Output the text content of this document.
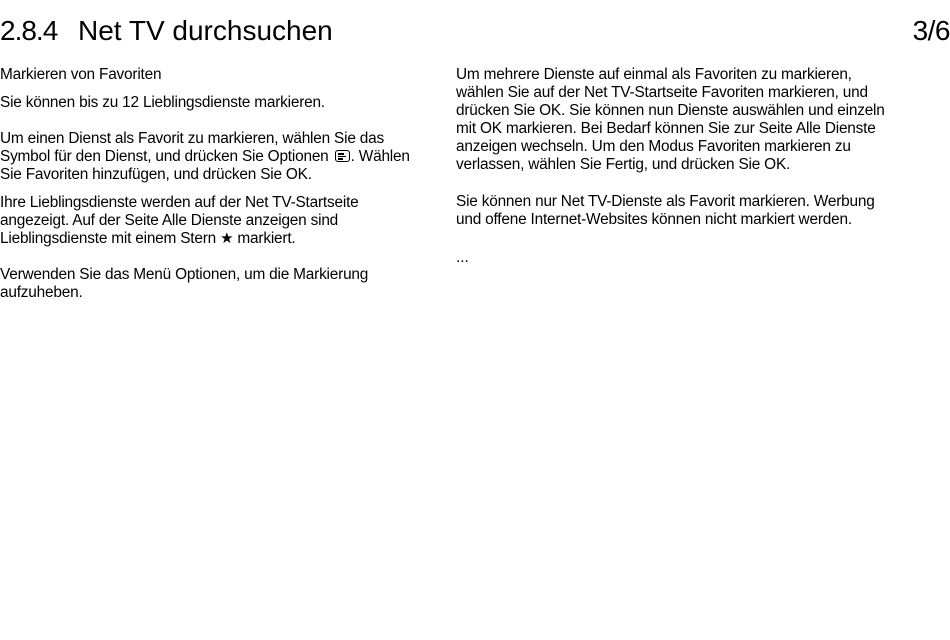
2.8.4 Net TV durchsuchen	3/6

Markieren von Favoriten

Sie können bis zu 12 Lieblingsdienste markieren.

Um einen Dienst als Favorit zu markieren, wählen Sie das Symbol für den Dienst, und drücken Sie Optionen
. Wählen Sie Favoriten hinzufügen, und drücken Sie OK.

Ihre Lieblingsdienste werden auf der Net TV-Startseite angezeigt. Auf der Seite Alle Dienste anzeigen sind Lieblingsdienste mit einem Stern ★ markiert.

Verwenden Sie das Menü Optionen, um die Markierung aufzuheben.

Um mehrere Dienste auf einmal als Favoriten zu markieren, wählen Sie auf der Net TV-Startseite Favoriten markieren, und drücken Sie OK. Sie können nun Dienste auswählen und einzeln mit OK markieren. Bei Bedarf können Sie zur Seite Alle Dienste anzeigen wechseln. Um den Modus Favoriten markieren zu verlassen, wählen Sie Fertig, und drücken Sie OK.

Sie können nur Net TV-Dienste als Favorit markieren. Werbung und offene Internet-Websites können nicht markiert werden.

...
